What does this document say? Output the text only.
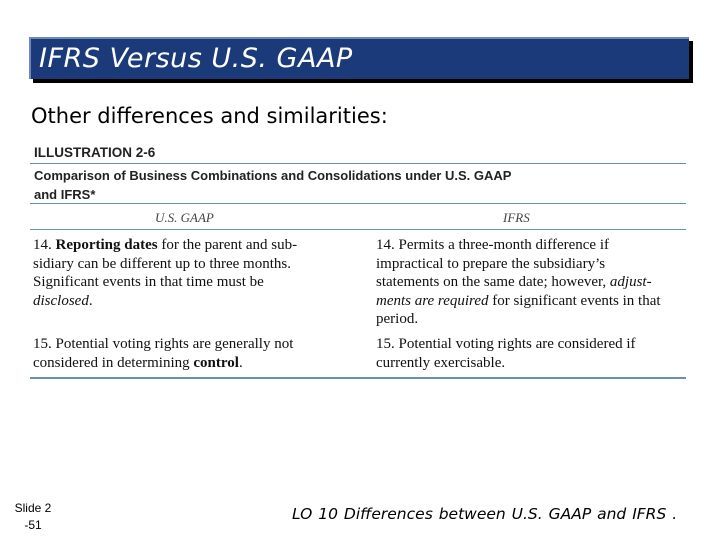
IFRS Versus U.S. GAAP
Other differences and similarities:
ILLUSTRATION 2-6
Comparison of Business Combinations and Consolidations under U.S. GAAP
and IFRS*
U.S. GAAP	IFRS
14. Reporting dates for the parent and sub-
sidiary can be different up to three months.
Significant events in that time must be
disclosed.
14. Permits a three-month difference if
impractical to prepare the subsidiary’s
statements on the same date; however, adjust-
ments are required for significant events in that
period.
15. Potential voting rights are generally not
considered in determining control.
15. Potential voting rights are considered if
currently exercisable.
Slide 2
-51
LO 10 Differences between U.S. GAAP and IFRS .
